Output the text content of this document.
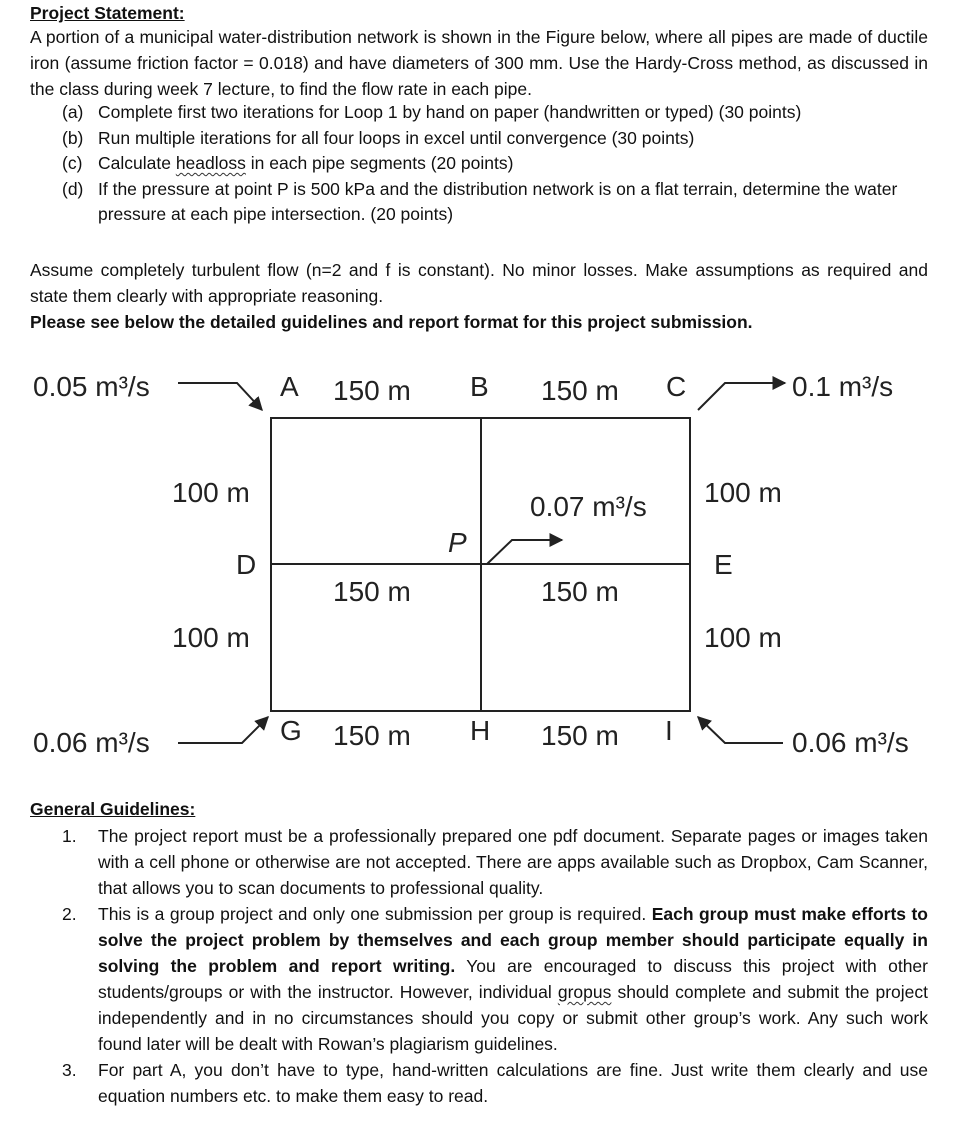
Project Statement:

A portion of a municipal water-distribution network is shown in the Figure below, where all pipes are made of ductile iron (assume friction factor = 0.018) and have diameters of 300 mm. Use the Hardy-Cross method, as discussed in the class during week 7 lecture, to find the flow rate in each pipe.

(a) Complete first two iterations for Loop 1 by hand on paper (handwritten or typed) (30 points)
(b) Run multiple iterations for all four loops in excel until convergence (30 points)
(c) Calculate headloss in each pipe segments (20 points)
(d) If the pressure at point P is 500 kPa and the distribution network is on a flat terrain, determine the water pressure at each pipe intersection. (20 points)

Assume completely turbulent flow (n=2 and f is constant). No minor losses. Make assumptions as required and state them clearly with appropriate reasoning.

Please see below the detailed guidelines and report format for this project submission.

0.05 m³/s	A 150 m B 150 m C	0.1 m³/s
100 m	100 m
0.07 m³/s
P
D	E
150 m	150 m
100 m	100 m
0.06 m³/s	G 150 m H 150 m I	0.06 m³/s
General Guidelines:
1. The project report must be a professionally prepared one pdf document. Separate pages or images taken with a cell phone or otherwise are not accepted. There are apps available such as Dropbox, Cam Scanner, that allows you to scan documents to professional quality.
2. This is a group project and only one submission per group is required. Each group must make efforts to solve the project problem by themselves and each group member should participate equally in solving the problem and report writing. You are encouraged to discuss this project with other students/groups or with the instructor. However, individual gropus should complete and submit the project independently and in no circumstances should you copy or submit other group’s work. Any such work found later will be dealt with Rowan’s plagiarism guidelines.
3. For part A, you don’t have to type, hand-written calculations are fine. Just write them clearly and use equation numbers etc. to make them easy to read.
